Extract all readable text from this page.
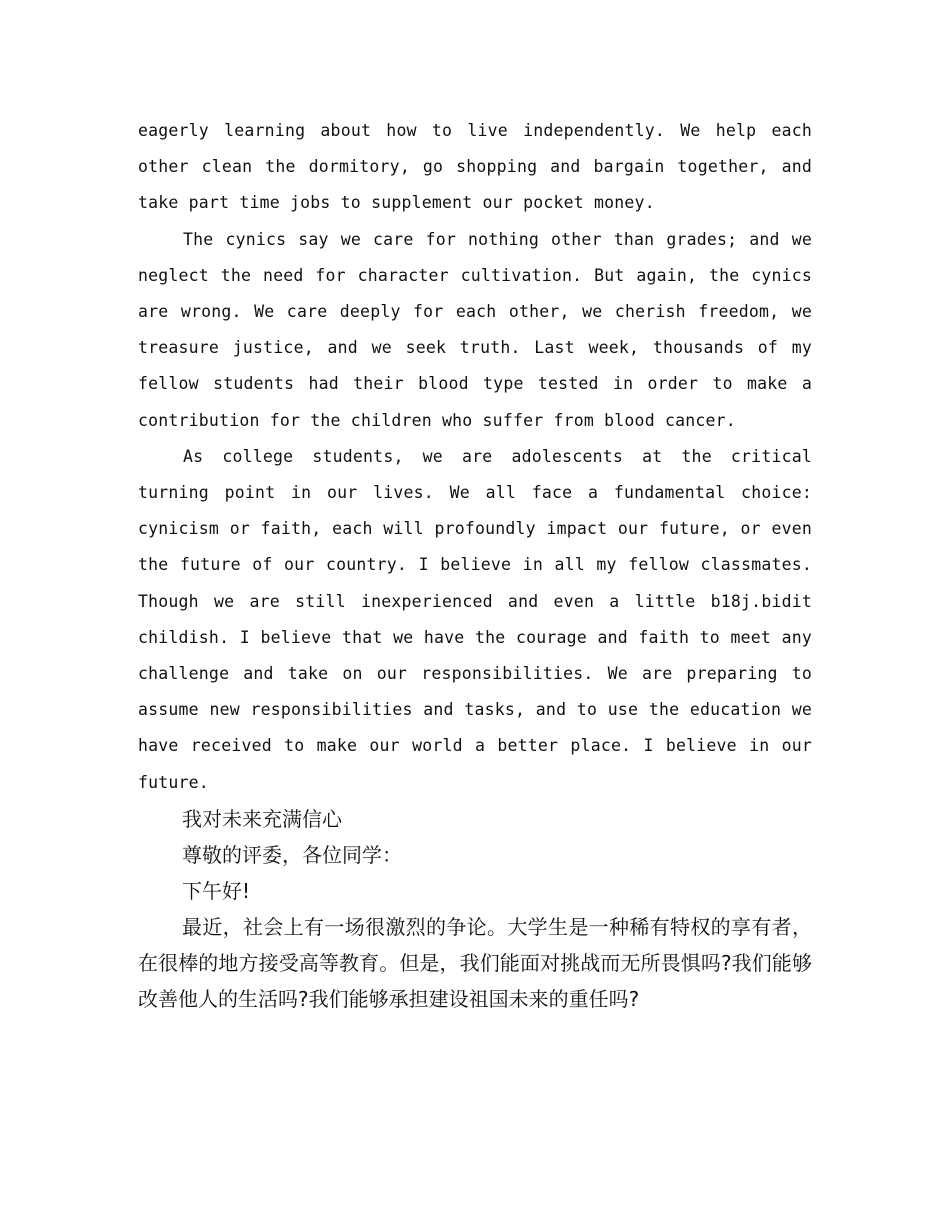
eagerly learning about how to live independently. We help each other clean the dormitory, go shopping and bargain together, and take part time jobs to supplement our pocket money.

The cynics say we care for nothing other than grades; and we neglect the need for character cultivation. But again, the cynics are wrong. We care deeply for each other, we cherish freedom, we treasure justice, and we seek truth. Last week, thousands of my fellow students had their blood type tested in order to make a contribution for the children who suffer from blood cancer.

As college students, we are adolescents at the critical turning point in our lives. We all face a fundamental choice: cynicism or faith, each will profoundly impact our future, or even the future of our country. I believe in all my fellow classmates. Though we are still inexperienced and even a little b18j.bidit childish. I believe that we have the courage and faith to meet any challenge and take on our responsibilities. We are preparing to assume new responsibilities and tasks, and to use the education we have received to make our world a better place. I believe in our future.

我对未来充满信心

尊敬的评委，各位同学：

下午好!

最近，社会上有一场很激烈的争论。大学生是一种稀有特权的享有者，在很棒的地方接受高等教育。但是，我们能面对挑战而无所畏惧吗?我们能够改善他人的生活吗?我们能够承担建设祖国未来的重任吗?
